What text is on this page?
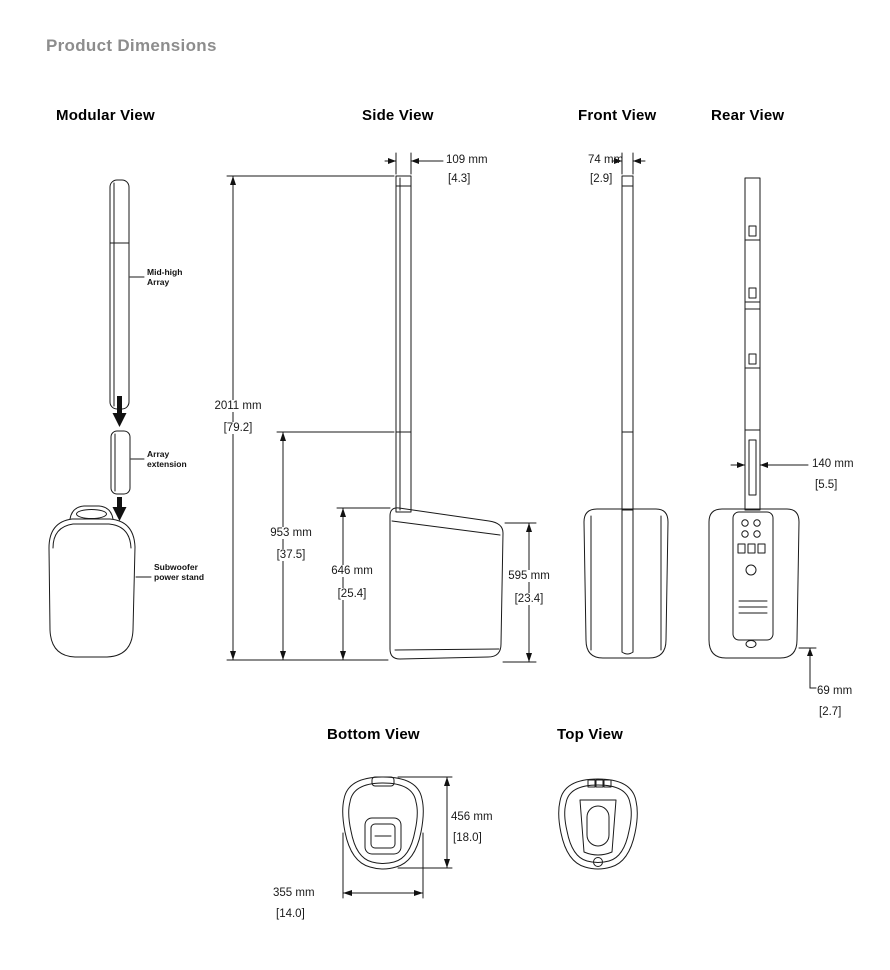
Product Dimensions
Modular View	Side View	Front View	Rear View
Bottom View	Top View
Mid-high
Array
Array
extension
Subwoofer
power stand
109 mm
[4.3]
2011 mm
[79.2]
953 mm
[37.5]
646 mm
[25.4]
595 mm
[23.4]
74 mm
[2.9]
140 mm
[5.5]
69 mm
[2.7]
456 mm
[18.0]
355 mm
[14.0]
